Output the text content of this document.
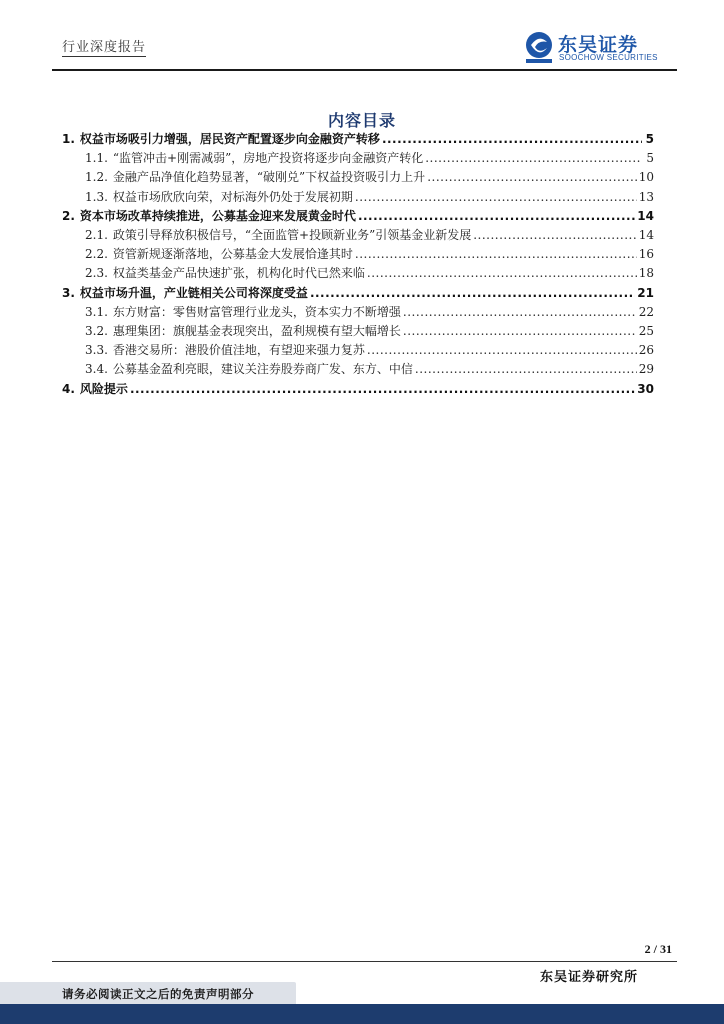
行业深度报告	东吴证券
SOOCHOW SECURITIES
内容目录
1. 权益市场吸引力增强，居民资产配置逐步向金融资产转移 .....	5
1.1. “监管冲击+刚需减弱”，房地产投资将逐步向金融资产转化 .....	5
1.2. 金融产品净值化趋势显著，“破刚兑”下权益投资吸引力上升 .....	10
1.3. 权益市场欣欣向荣，对标海外仍处于发展初期 .....	13
2. 资本市场改革持续推进，公募基金迎来发展黄金时代 .....	14
2.1. 政策引导释放积极信号，“全面监管+投顾新业务”引领基金业新发展 .....	14
2.2. 资管新规逐渐落地，公募基金大发展恰逢其时 .....	16
2.3. 权益类基金产品快速扩张，机构化时代已然来临 .....	18
3. 权益市场升温，产业链相关公司将深度受益 .....	21
3.1. 东方财富：零售财富管理行业龙头，资本实力不断增强 .....	22
3.2. 惠理集团：旗舰基金表现突出，盈利规模有望大幅增长 .....	25
3.3. 香港交易所：港股价值洼地，有望迎来强力复苏 .....	26
3.4. 公募基金盈利亮眼，建议关注券股券商广发、东方、中信 .....	29
4. 风险提示 .....	30
2 / 31
东吴证券研究所
请务必阅读正文之后的免责声明部分
